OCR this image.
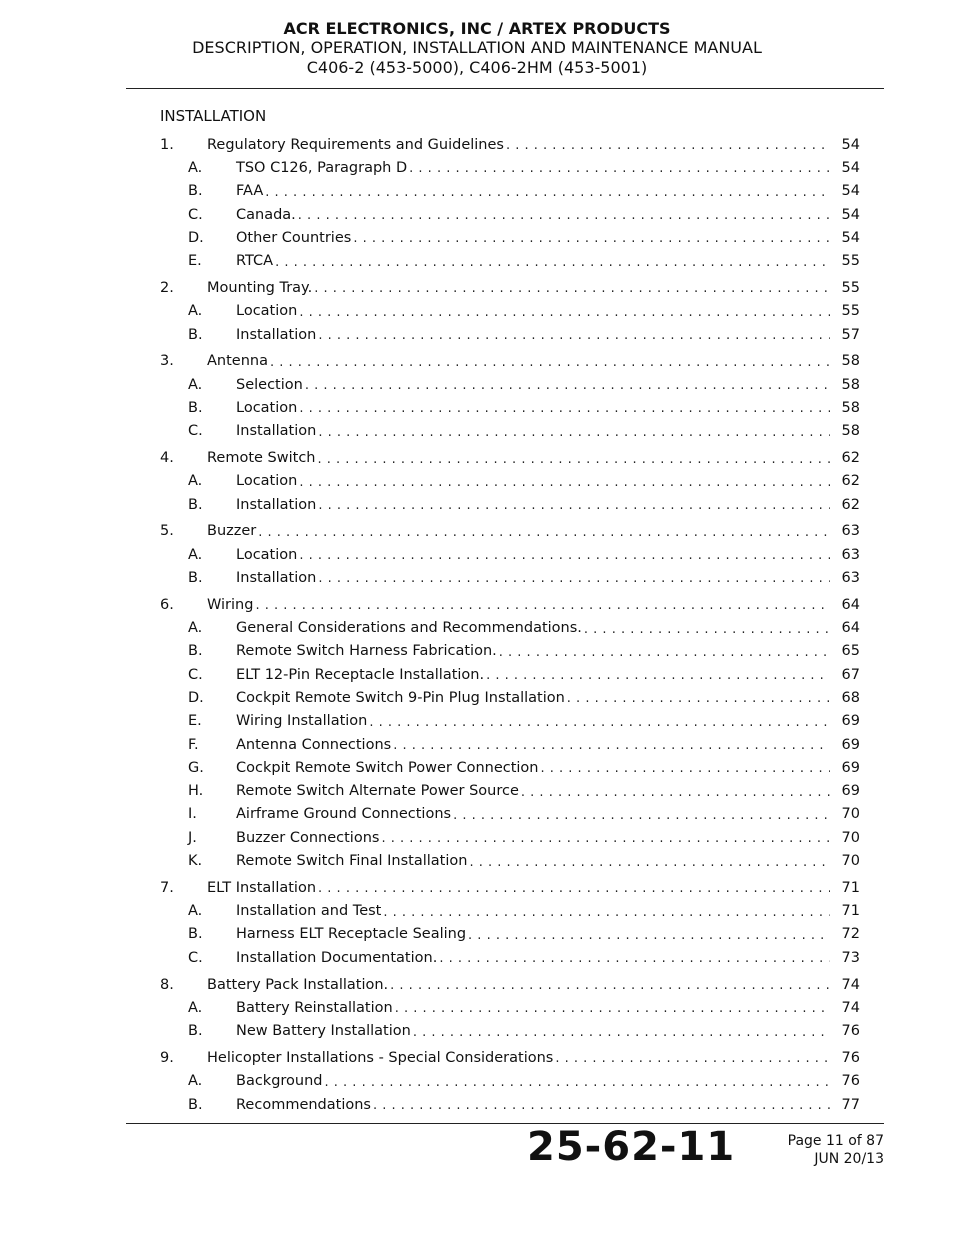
ACR ELECTRONICS, INC / ARTEX PRODUCTS
DESCRIPTION, OPERATION, INSTALLATION AND MAINTENANCE MANUAL
C406-2 (453-5000), C406-2HM (453-5001)
INSTALLATION
1.	Regulatory Requirements and Guidelines . . .	54
A.	TSO C126, Paragraph D . . .	54
B.	FAA . . .	54
C.	Canada. . . .	54
D.	Other Countries . . .	54
E.	RTCA . . .	55
2.	Mounting Tray. . . .	55
A.	Location . . .	55
B.	Installation . . .	57
3.	Antenna . . .	58
A.	Selection . . .	58
B.	Location . . .	58
C.	Installation . . .	58
4.	Remote Switch . . .	62
A.	Location . . .	62
B.	Installation . . .	62
5.	Buzzer . . .	63
A.	Location . . .	63
B.	Installation . . .	63
6.	Wiring . . .	64
A.	General Considerations and Recommendations. . . .	64
B.	Remote Switch Harness Fabrication. . . .	65
C.	ELT 12-Pin Receptacle Installation. . . .	67
D.	Cockpit Remote Switch 9-Pin Plug Installation . . .	68
E.	Wiring Installation . . .	69
F.	Antenna Connections . . .	69
G.	Cockpit Remote Switch Power Connection . . .	69
H.	Remote Switch Alternate Power Source . . .	69
I.	Airframe Ground Connections . . .	70
J.	Buzzer Connections . . .	70
K.	Remote Switch Final Installation . . .	70
7.	ELT Installation . . .	71
A.	Installation and Test . . .	71
B.	Harness ELT Receptacle Sealing . . .	72
C.	Installation Documentation. . . .	73
8.	Battery Pack Installation. . . .	74
A.	Battery Reinstallation . . .	74
B.	New Battery Installation . . .	76
9.	Helicopter Installations - Special Considerations . . .	76
A.	Background . . .	76
B.	Recommendations . . .	77
25-62-11	Page 11 of 87
JUN 20/13
